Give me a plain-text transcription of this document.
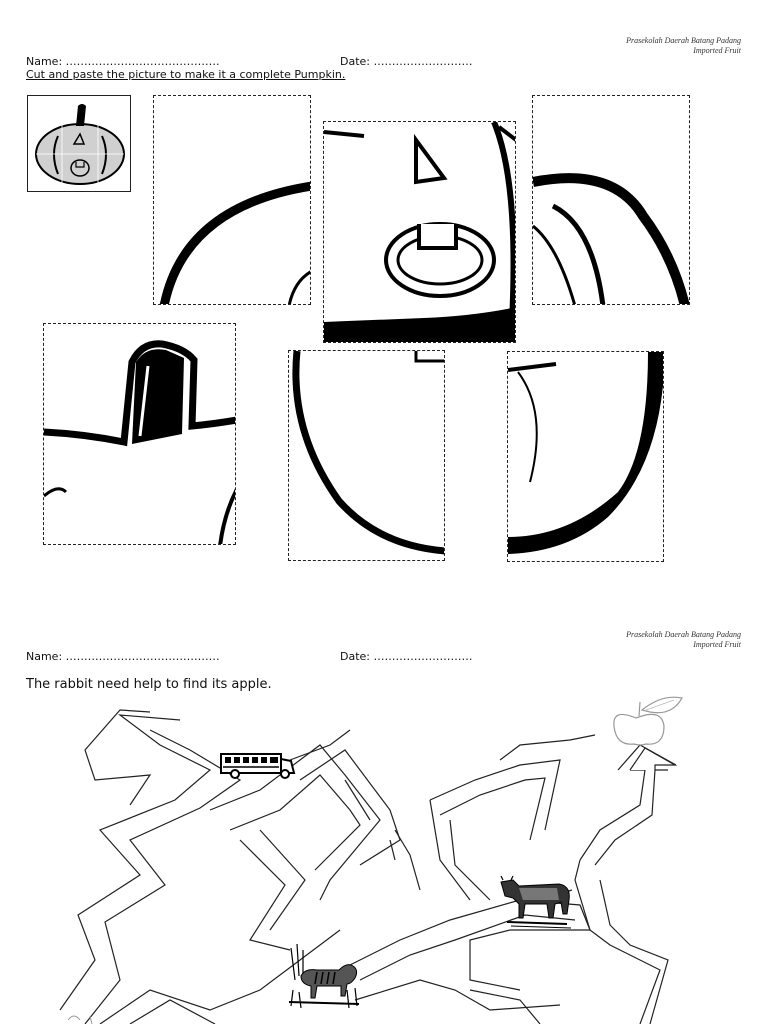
Prasekolah Daerah Batang Padang
Imported Fruit
Name: ……………………………………	Date: ………………………
Cut and paste the picture to make it a complete Pumpkin.
Prasekolah Daerah Batang Padang
Imported Fruit
Name: ……………………………………	Date: ………………………
The rabbit need help to find its apple.
